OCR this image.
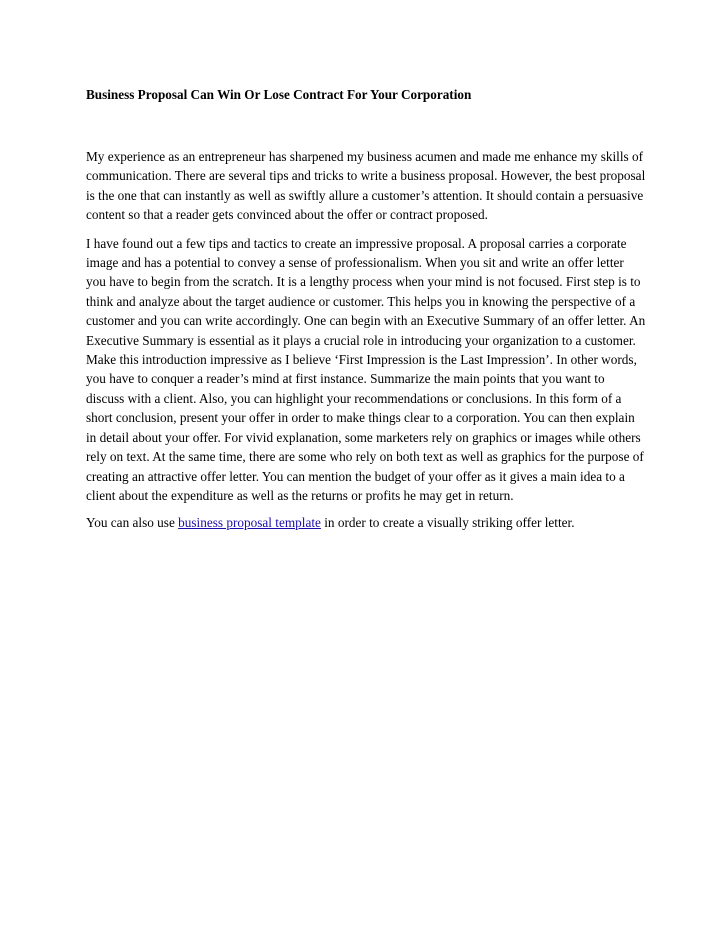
Business Proposal Can Win Or Lose Contract For Your Corporation

My experience as an entrepreneur has sharpened my business acumen and made me enhance my skills of communication. There are several tips and tricks to write a business proposal. However, the best proposal is the one that can instantly as well as swiftly allure a customer’s attention. It should contain a persuasive content so that a reader gets convinced about the offer or contract proposed.

I have found out a few tips and tactics to create an impressive proposal. A proposal carries a corporate image and has a potential to convey a sense of professionalism. When you sit and write an offer letter you have to begin from the scratch. It is a lengthy process when your mind is not focused. First step is to think and analyze about the target audience or customer. This helps you in knowing the perspective of a customer and you can write accordingly. One can begin with an Executive Summary of an offer letter. An Executive Summary is essential as it plays a crucial role in introducing your organization to a customer. Make this introduction impressive as I believe ‘First Impression is the Last Impression’. In other words, you have to conquer a reader’s mind at first instance. Summarize the main points that you want to discuss with a client. Also, you can highlight your recommendations or conclusions. In this form of a short conclusion, present your offer in order to make things clear to a corporation. You can then explain in detail about your offer. For vivid explanation, some marketers rely on graphics or images while others rely on text. At the same time, there are some who rely on both text as well as graphics for the purpose of creating an attractive offer letter. You can mention the budget of your offer as it gives a main idea to a client about the expenditure as well as the returns or profits he may get in return.

You can also use business proposal template in order to create a visually striking offer letter.
